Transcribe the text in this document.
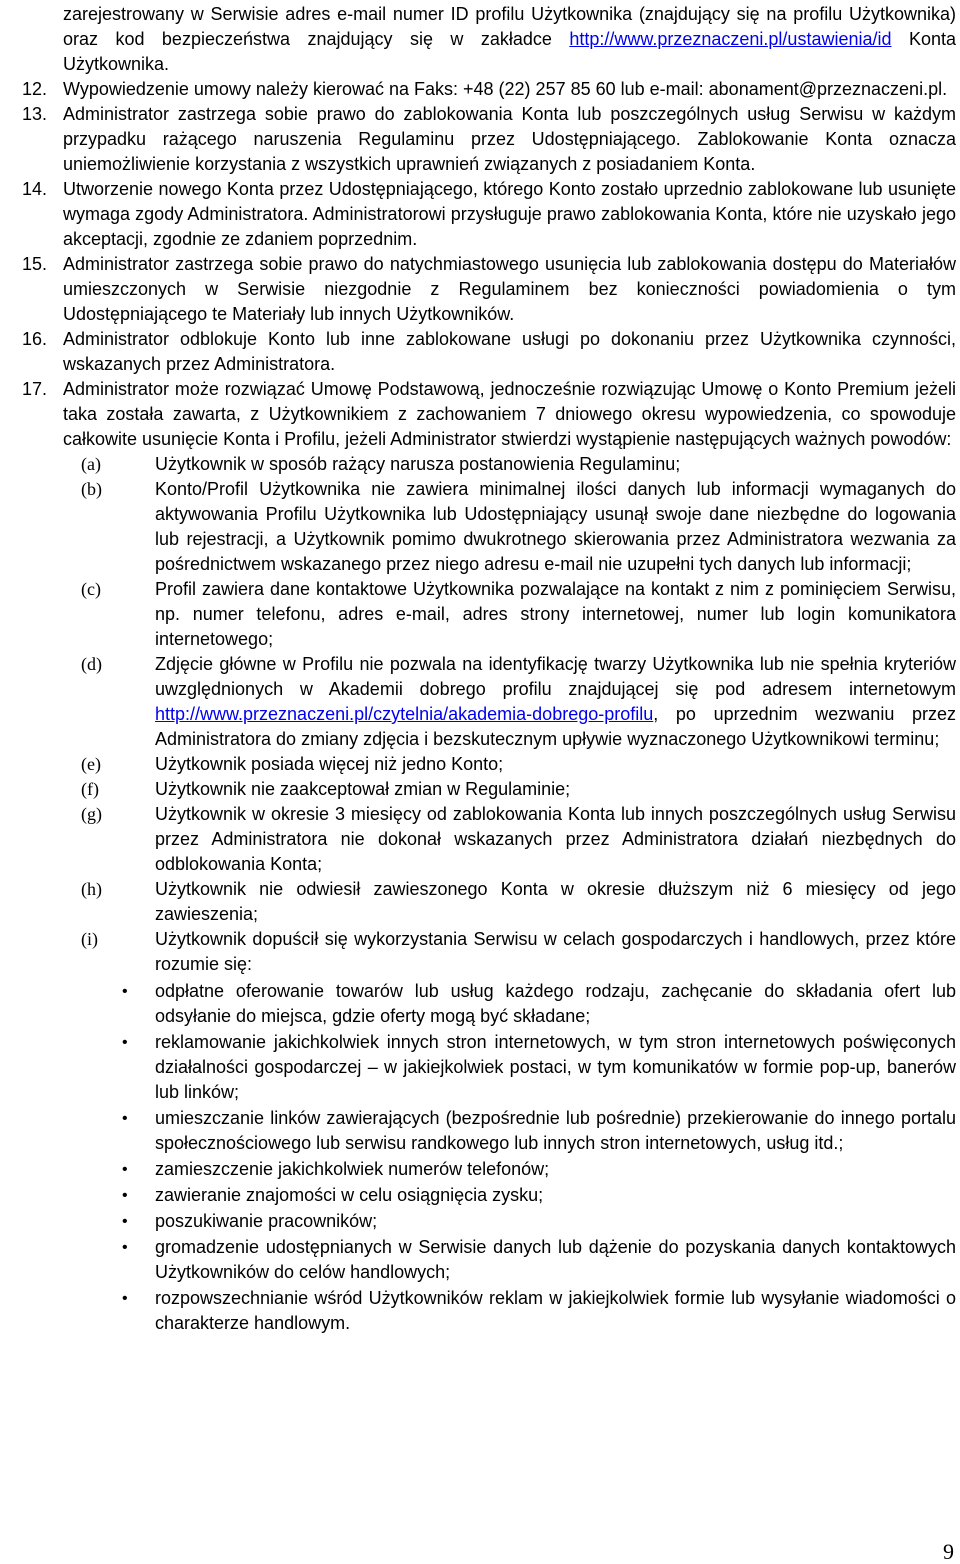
zarejestrowany w Serwisie adres e-mail numer ID profilu Użytkownika (znajdujący się na profilu Użytkownika) oraz kod bezpieczeństwa znajdujący się w zakładce http://www.przeznaczeni.pl/ustawienia/id Konta Użytkownika.
12. Wypowiedzenie umowy należy kierować na Faks: +48 (22) 257 85 60 lub e-mail: abonament@przeznaczeni.pl.
13. Administrator zastrzega sobie prawo do zablokowania Konta lub poszczególnych usług Serwisu w każdym przypadku rażącego naruszenia Regulaminu przez Udostępniającego. Zablokowanie Konta oznacza uniemożliwienie korzystania z wszystkich uprawnień związanych z posiadaniem Konta.
14. Utworzenie nowego Konta przez Udostępniającego, którego Konto zostało uprzednio zablokowane lub usunięte wymaga zgody Administratora. Administratorowi przysługuje prawo zablokowania Konta, które nie uzyskało jego akceptacji, zgodnie ze zdaniem poprzednim.
15. Administrator zastrzega sobie prawo do natychmiastowego usunięcia lub zablokowania dostępu do Materiałów umieszczonych w Serwisie niezgodnie z Regulaminem bez konieczności powiadomienia o tym Udostępniającego te Materiały lub innych Użytkowników.
16. Administrator odblokuje Konto lub inne zablokowane usługi po dokonaniu przez Użytkownika czynności, wskazanych przez Administratora.
17. Administrator może rozwiązać Umowę Podstawową, jednocześnie rozwiązując Umowę o Konto Premium jeżeli taka została zawarta, z Użytkownikiem z zachowaniem 7 dniowego okresu wypowiedzenia, co spowoduje całkowite usunięcie Konta i Profilu, jeżeli Administrator stwierdzi wystąpienie następujących ważnych powodów:
(a)	Użytkownik w sposób rażący narusza postanowienia Regulaminu;
(b)	Konto/Profil Użytkownika nie zawiera minimalnej ilości danych lub informacji wymaganych do aktywowania Profilu Użytkownika lub Udostępniający usunął swoje dane niezbędne do logowania lub rejestracji, a Użytkownik pomimo dwukrotnego skierowania przez Administratora wezwania za pośrednictwem wskazanego przez niego adresu e-mail nie uzupełni tych danych lub informacji;
(c)	Profil zawiera dane kontaktowe Użytkownika pozwalające na kontakt z nim z pominięciem Serwisu, np. numer telefonu, adres e-mail, adres strony internetowej, numer lub login komunikatora internetowego;
(d)	Zdjęcie główne w Profilu nie pozwala na identyfikację twarzy Użytkownika lub nie spełnia kryteriów uwzględnionych w Akademii dobrego profilu znajdującej się pod adresem internetowym http://www.przeznaczeni.pl/czytelnia/akademia-dobrego-profilu, po uprzednim wezwaniu przez Administratora do zmiany zdjęcia i bezskutecznym upływie wyznaczonego Użytkownikowi terminu;
(e)	Użytkownik posiada więcej niż jedno Konto;
(f)	Użytkownik nie zaakceptował zmian w Regulaminie;
(g)	Użytkownik w okresie 3 miesięcy od zablokowania Konta lub innych poszczególnych usług Serwisu przez Administratora nie dokonał wskazanych przez Administratora działań niezbędnych do odblokowania Konta;
(h)	Użytkownik nie odwiesił zawieszonego Konta w okresie dłuższym niż 6 miesięcy od jego zawieszenia;
(i)	Użytkownik dopuścił się wykorzystania Serwisu w celach gospodarczych i handlowych, przez które rozumie się:
•	odpłatne oferowanie towarów lub usług każdego rodzaju, zachęcanie do składania ofert lub odsyłanie do miejsca, gdzie oferty mogą być składane;
•	reklamowanie jakichkolwiek innych stron internetowych, w tym stron internetowych poświęconych działalności gospodarczej – w jakiejkolwiek postaci, w tym komunikatów w formie pop-up, banerów lub linków;
•	umieszczanie linków zawierających (bezpośrednie lub pośrednie) przekierowanie do innego portalu społecznościowego lub serwisu randkowego lub innych stron internetowych, usług itd.;
•	zamieszczenie jakichkolwiek numerów telefonów;
•	zawieranie znajomości w celu osiągnięcia zysku;
•	poszukiwanie pracowników;
•	gromadzenie udostępnianych w Serwisie danych lub dążenie do pozyskania danych kontaktowych Użytkowników do celów handlowych;
•	rozpowszechnianie wśród Użytkowników reklam w jakiejkolwiek formie lub wysyłanie wiadomości o charakterze handlowym.
9
